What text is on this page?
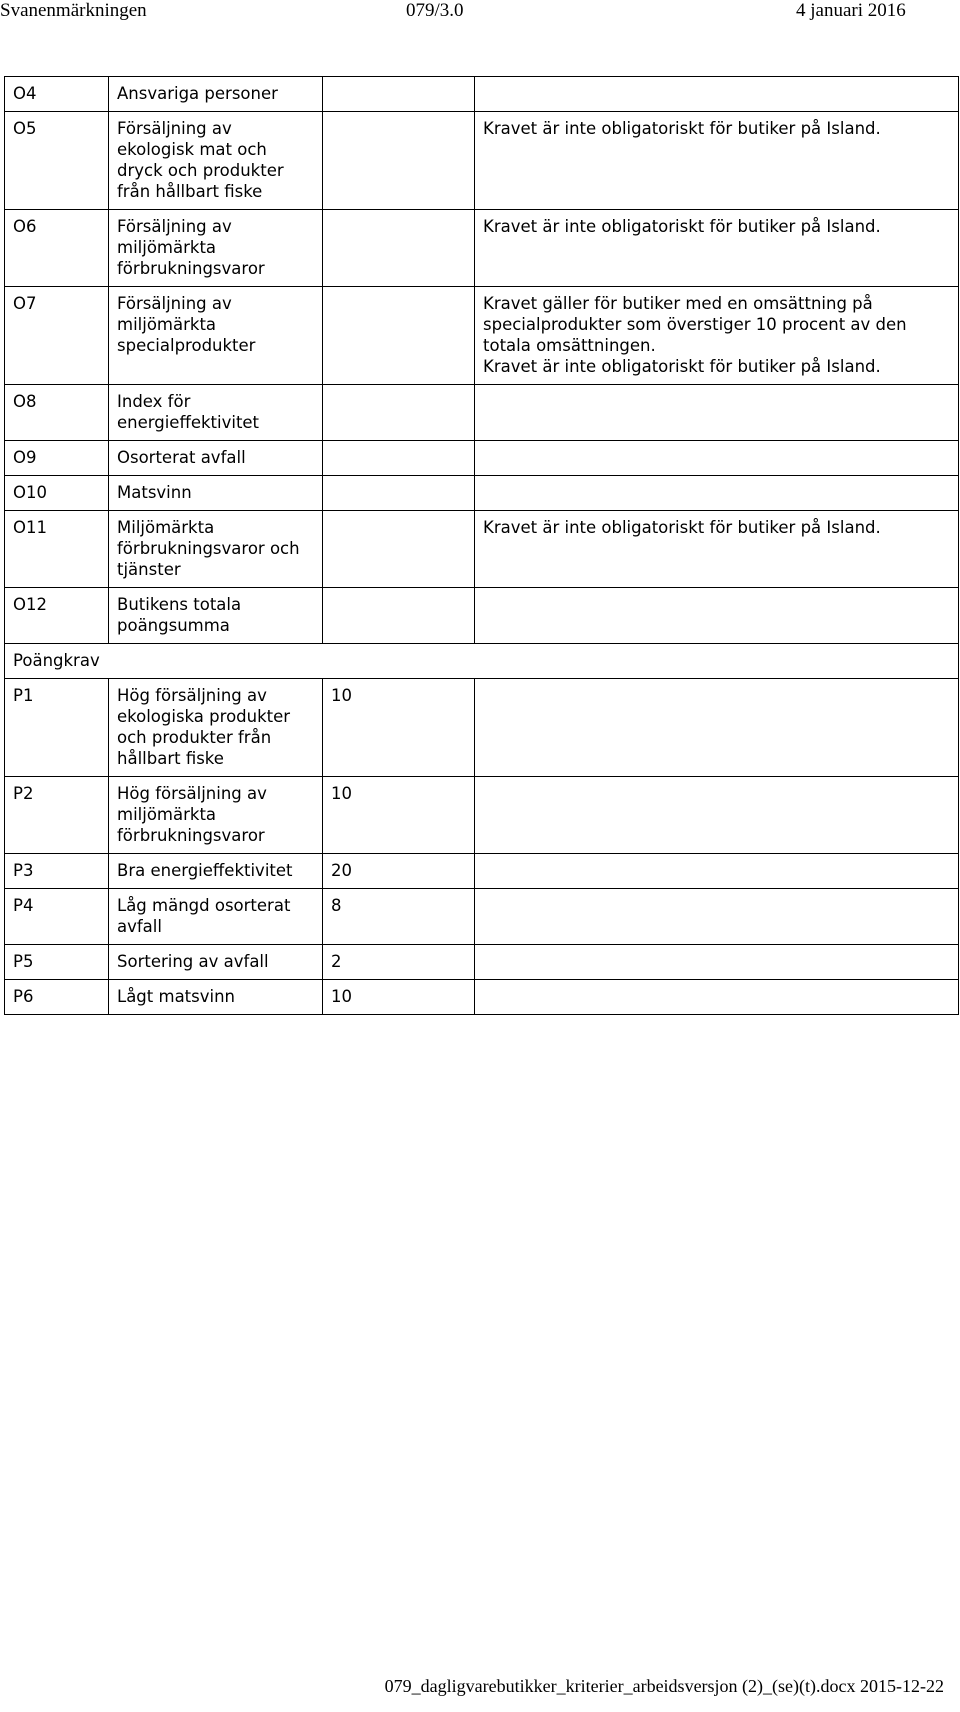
Svanenmärkningen	079/3.0	4 januari 2016
O4	Ansvariga personer		
O5	Försäljning av ekologisk mat och dryck och produkter från hållbart fiske		Kravet är inte obligatoriskt för butiker på Island.

O6	Försäljning av miljömärkta förbrukningsvaror		Kravet är inte obligatoriskt för butiker på Island.

O7	Försäljning av miljömärkta specialprodukter		Kravet gäller för butiker med en omsättning på specialprodukter som överstiger 10 procent av den totala omsättningen.
Kravet är inte obligatoriskt för butiker på Island.

O8	Index för energieffektivitet		
O9	Osorterat avfall		
O10	Matsvinn		
O11	Miljömärkta förbrukningsvaror och tjänster		Kravet är inte obligatoriskt för butiker på Island.

O12	Butikens totala poängsumma		
Poängkrav			
P1	Hög försäljning av ekologiska produkter och produkter från hållbart fiske	10	
P2	Hög försäljning av miljömärkta förbrukningsvaror	10	
P3	Bra energieffektivitet	20	
P4	Låg mängd osorterat avfall	8	
P5	Sortering av avfall	2	
P6	Lågt matsvinn	10	
079_dagligvarebutikker_kriterier_arbeidsversjon (2)_(se)(t).docx 2015-12-22
